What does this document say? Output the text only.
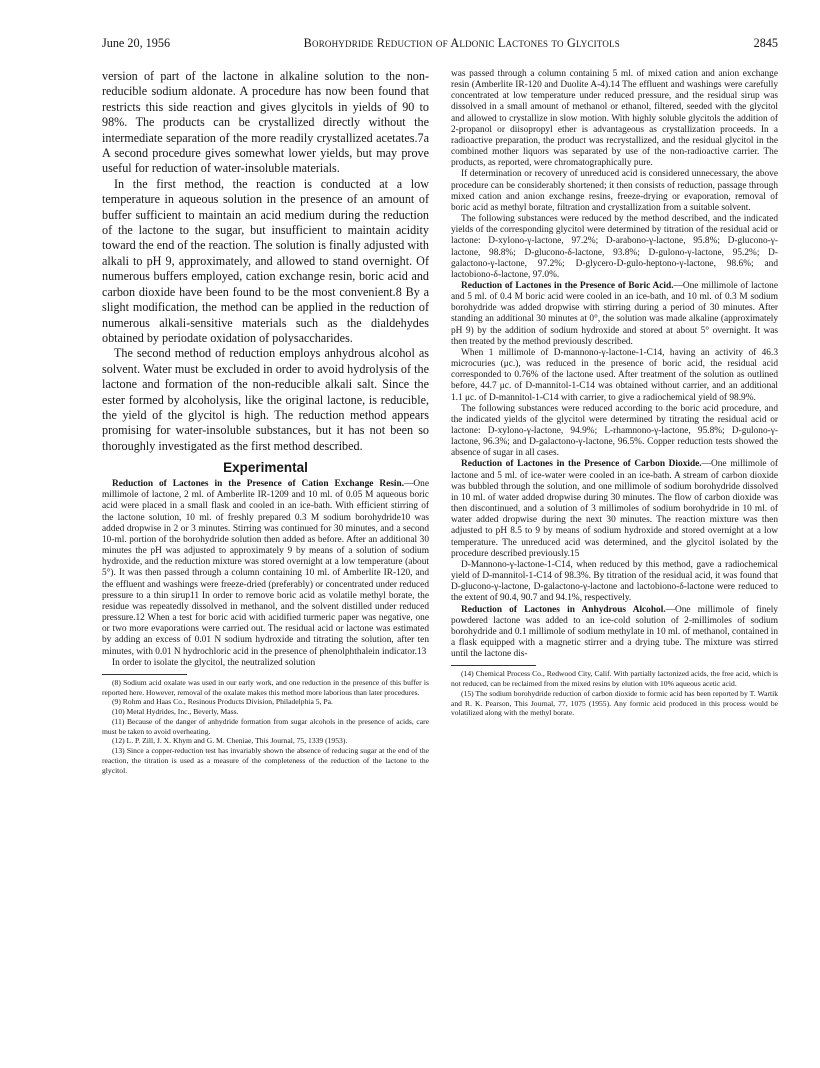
June 20, 1956	Borohydride Reduction of Aldonic Lactones to Glycitols	2845

version of part of the lactone in alkaline solution to the non-reducible sodium aldonate. A procedure has now been found that restricts this side reaction and gives glycitols in yields of 90 to 98%. The products can be crystallized directly without the intermediate separation of the more readily crystallized acetates.7a A second procedure gives somewhat lower yields, but may prove useful for reduction of water-insoluble materials.

In the first method, the reaction is conducted at a low temperature in aqueous solution in the presence of an amount of buffer sufficient to maintain an acid medium during the reduction of the lactone to the sugar, but insufficient to maintain acidity toward the end of the reaction. The solution is finally adjusted with alkali to pH 9, approximately, and allowed to stand overnight. Of numerous buffers employed, cation exchange resin, boric acid and carbon dioxide have been found to be the most convenient.8 By a slight modification, the method can be applied in the reduction of numerous alkali-sensitive materials such as the dialdehydes obtained by periodate oxidation of polysaccharides.

The second method of reduction employs anhydrous alcohol as solvent. Water must be excluded in order to avoid hydrolysis of the lactone and formation of the non-reducible alkali salt. Since the ester formed by alcoholysis, like the original lactone, is reducible, the yield of the glycitol is high. The reduction method appears promising for water-insoluble substances, but it has not been so thoroughly investigated as the first method described.

Experimental

Reduction of Lactones in the Presence of Cation Exchange Resin.—One millimole of lactone, 2 ml. of Amberlite IR-1209 and 10 ml. of 0.05 M aqueous boric acid were placed in a small flask and cooled in an ice-bath. With efficient stirring of the lactone solution, 10 ml. of freshly prepared 0.3 M sodium borohydride10 was added dropwise in 2 or 3 minutes. Stirring was continued for 30 minutes, and a second 10-ml. portion of the borohydride solution then added as before. After an additional 30 minutes the pH was adjusted to approximately 9 by means of a solution of sodium hydroxide, and the reduction mixture was stored overnight at a low temperature (about 5°). It was then passed through a column containing 10 ml. of Amberlite IR-120, and the effluent and washings were freeze-dried (preferably) or concentrated under reduced pressure to a thin sirup11 In order to remove boric acid as volatile methyl borate, the residue was repeatedly dissolved in methanol, and the solvent distilled under reduced pressure.12 When a test for boric acid with acidified turmeric paper was negative, one or two more evaporations were carried out. The residual acid or lactone was estimated by adding an excess of 0.01 N sodium hydroxide and titrating the solution, after ten minutes, with 0.01 N hydrochloric acid in the presence of phenolphthalein indicator.13

In order to isolate the glycitol, the neutralized solution

(8) Sodium acid oxalate was used in our early work, and one reduction in the presence of this buffer is reported here. However, removal of the oxalate makes this method more laborious than later procedures.

(9) Rohm and Haas Co., Resinous Products Division, Philadelphia 5, Pa.

(10) Metal Hydrides, Inc., Beverly, Mass.

(11) Because of the danger of anhydride formation from sugar alcohols in the presence of acids, care must be taken to avoid overheating.

(12) L. P. Zill, J. X. Khym and G. M. Cheniae, This Journal, 75, 1339 (1953).

(13) Since a copper-reduction test has invariably shown the absence of reducing sugar at the end of the reaction, the titration is used as a measure of the completeness of the reduction of the lactone to the glycitol.

was passed through a column containing 5 ml. of mixed cation and anion exchange resin (Amberlite IR-120 and Duolite A-4).14 The effluent and washings were carefully concentrated at low temperature under reduced pressure, and the residual sirup was dissolved in a small amount of methanol or ethanol, filtered, seeded with the glycitol and allowed to crystallize in slow motion. With highly soluble glycitols the addition of 2-propanol or diisopropyl ether is advantageous as crystallization proceeds. In a radioactive preparation, the product was recrystallized, and the residual glycitol in the combined mother liquors was separated by use of the non-radioactive carrier. The products, as reported, were chromatographically pure.

If determination or recovery of unreduced acid is considered unnecessary, the above procedure can be considerably shortened; it then consists of reduction, passage through mixed cation and anion exchange resins, freeze-drying or evaporation, removal of boric acid as methyl borate, filtration and crystallization from a suitable solvent.

The following substances were reduced by the method described, and the indicated yields of the corresponding glycitol were determined by titration of the residual acid or lactone: D-xylono-γ-lactone, 97.2%; D-arabono-γ-lactone, 95.8%; D-glucono-γ-lactone, 98.8%; D-glucono-δ-lactone, 93.8%; D-gulono-γ-lactone, 95.2%; D-galactono-γ-lactone, 97.2%; D-glycero-D-gulo-heptono-γ-lactone, 98.6%; and lactobiono-δ-lactone, 97.0%.

Reduction of Lactones in the Presence of Boric Acid.—One millimole of lactone and 5 ml. of 0.4 M boric acid were cooled in an ice-bath, and 10 ml. of 0.3 M sodium borohydride was added dropwise with stirring during a period of 30 minutes. After standing an additional 30 minutes at 0°, the solution was made alkaline (approximately pH 9) by the addition of sodium hydroxide and stored at about 5° overnight. It was then treated by the method previously described.

When 1 millimole of D-mannono-γ-lactone-1-C14, having an activity of 46.3 microcuries (μc.), was reduced in the presence of boric acid, the residual acid corresponded to 0.76% of the lactone used. After treatment of the solution as outlined before, 44.7 μc. of D-mannitol-1-C14 was obtained without carrier, and an additional 1.1 μc. of D-mannitol-1-C14 with carrier, to give a radiochemical yield of 98.9%.

The following substances were reduced according to the boric acid procedure, and the indicated yields of the glycitol were determined by titrating the residual acid or lactone: D-xylono-γ-lactone, 94.9%; L-rhamnono-γ-lactone, 95.8%; D-gulono-γ-lactone, 96.3%; and D-galactono-γ-lactone, 96.5%. Copper reduction tests showed the absence of sugar in all cases.

Reduction of Lactones in the Presence of Carbon Dioxide.—One millimole of lactone and 5 ml. of ice-water were cooled in an ice-bath. A stream of carbon dioxide was bubbled through the solution, and one millimole of sodium borohydride dissolved in 10 ml. of water added dropwise during 30 minutes. The flow of carbon dioxide was then discontinued, and a solution of 3 millimoles of sodium borohydride in 10 ml. of water added dropwise during the next 30 minutes. The reaction mixture was then adjusted to pH 8.5 to 9 by means of sodium hydroxide and stored overnight at a low temperature. The unreduced acid was determined, and the glycitol isolated by the procedure described previously.15

D-Mannono-γ-lactone-1-C14, when reduced by this method, gave a radiochemical yield of D-mannitol-1-C14 of 98.3%. By titration of the residual acid, it was found that D-glucono-γ-lactone, D-galactono-γ-lactone and lactobiono-δ-lactone were reduced to the extent of 90.4, 90.7 and 94.1%, respectively.

Reduction of Lactones in Anhydrous Alcohol.—One millimole of finely powdered lactone was added to an ice-cold solution of 2-millimoles of sodium borohydride and 0.1 millimole of sodium methylate in 10 ml. of methanol, contained in a flask equipped with a magnetic stirrer and a drying tube. The mixture was stirred until the lactone dis-

(14) Chemical Process Co., Redwood City, Calif. With partially lactonized acids, the free acid, which is not reduced, can be reclaimed from the mixed resins by elution with 10% aqueous acetic acid.

(15) The sodium borohydride reduction of carbon dioxide to formic acid has been reported by T. Wartik and R. K. Pearson, This Journal, 77, 1075 (1955). Any formic acid produced in this process would be volatilized along with the methyl borate.
